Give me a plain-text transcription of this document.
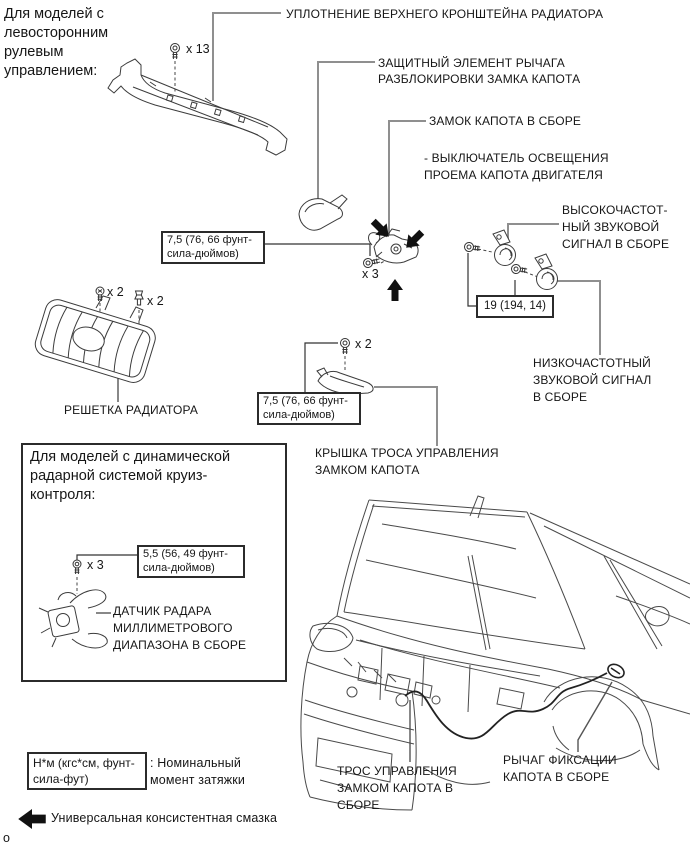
Для моделей с
левосторонним
рулевым
управлением:
УПЛОТНЕНИЕ ВЕРХНЕГО КРОНШТЕЙНА РАДИАТОРА
ЗАЩИТНЫЙ ЭЛЕМЕНТ РЫЧАГА
РАЗБЛОКИРОВКИ ЗАМКА КАПОТА
ЗАМОК КАПОТА В СБОРЕ
- ВЫКЛЮЧАТЕЛЬ ОСВЕЩЕНИЯ
ПРОЕМА КАПОТА ДВИГАТЕЛЯ
ВЫСОКОЧАСТОТ-
НЫЙ ЗВУКОВОЙ
СИГНАЛ В СБОРЕ
НИЗКОЧАСТОТНЫЙ
ЗВУКОВОЙ СИГНАЛ
В СБОРЕ
РЕШЕТКА РАДИАТОРА
КРЫШКА ТРОСА УПРАВЛЕНИЯ
ЗАМКОМ КАПОТА
Для моделей с динамической
радарной системой круиз-
контроля:
ДАТЧИК РАДАРА
МИЛЛИМЕТРОВОГО
ДИАПАЗОНА В СБОРЕ
ТРОС УПРАВЛЕНИЯ
ЗАМКОМ КАПОТА В
СБОРЕ
РЫЧАГ ФИКСАЦИИ
КАПОТА В СБОРЕ
x 13
x 2
x 2
x 3
x 2
x 3
7,5 (76, 66 фунт-
сила-дюймов)
7,5 (76, 66 фунт-
сила-дюймов)
19 (194, 14)
5,5 (56, 49 фунт-
сила-дюймов)
Н*м (кгс*см, фунт-
сила-фут)
: Номинальный
момент затяжки
Универсальная консистентная смазка
o
